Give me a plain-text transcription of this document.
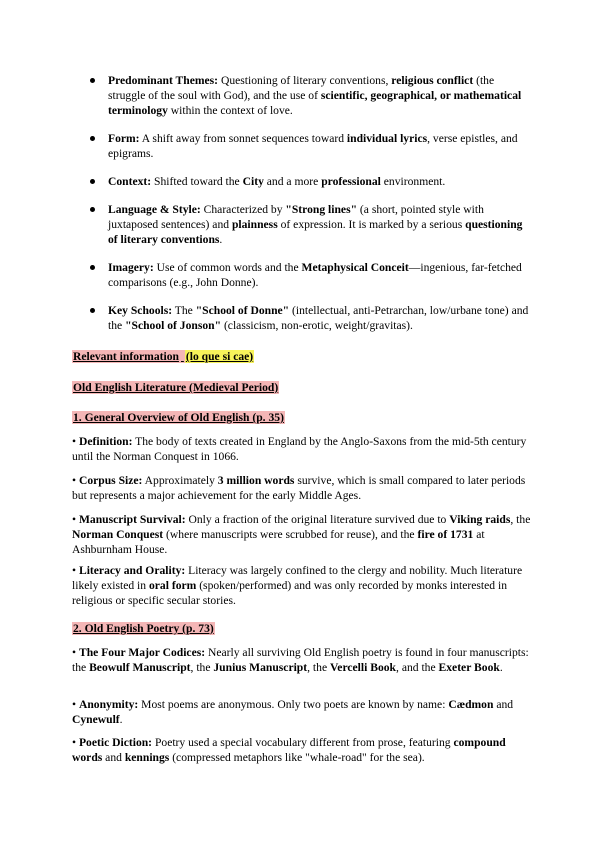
Predominant Themes: Questioning of literary conventions, religious conflict (the struggle of the soul with God), and the use of scientific, geographical, or mathematical terminology within the context of love.
Form: A shift away from sonnet sequences toward individual lyrics, verse epistles, and epigrams.
Context: Shifted toward the City and a more professional environment.
Language & Style: Characterized by "Strong lines" (a short, pointed style with juxtaposed sentences) and plainness of expression. It is marked by a serious questioning of literary conventions.
Imagery: Use of common words and the Metaphysical Conceit—ingenious, far-fetched comparisons (e.g., John Donne).
Key Schools: The "School of Donne" (intellectual, anti-Petrarchan, low/urbane tone) and the "School of Jonson" (classicism, non-erotic, weight/gravitas).
Relevant information (lo que si cae)
Old English Literature (Medieval Period)
1. General Overview of Old English (p. 35)

• Definition: The body of texts created in England by the Anglo-Saxons from the mid-5th century until the Norman Conquest in 1066.

• Corpus Size: Approximately 3 million words survive, which is small compared to later periods but represents a major achievement for the early Middle Ages.

• Manuscript Survival: Only a fraction of the original literature survived due to Viking raids, the Norman Conquest (where manuscripts were scrubbed for reuse), and the fire of 1731 at Ashburnham House.

• Literacy and Orality: Literacy was largely confined to the clergy and nobility. Much literature likely existed in oral form (spoken/performed) and was only recorded by monks interested in religious or specific secular stories.

2. Old English Poetry (p. 73)

• The Four Major Codices: Nearly all surviving Old English poetry is found in four manuscripts: the Beowulf Manuscript, the Junius Manuscript, the Vercelli Book, and the Exeter Book.

• Anonymity: Most poems are anonymous. Only two poets are known by name: Cædmon and Cynewulf.

• Poetic Diction: Poetry used a special vocabulary different from prose, featuring compound words and kennings (compressed metaphors like "whale-road" for the sea).
